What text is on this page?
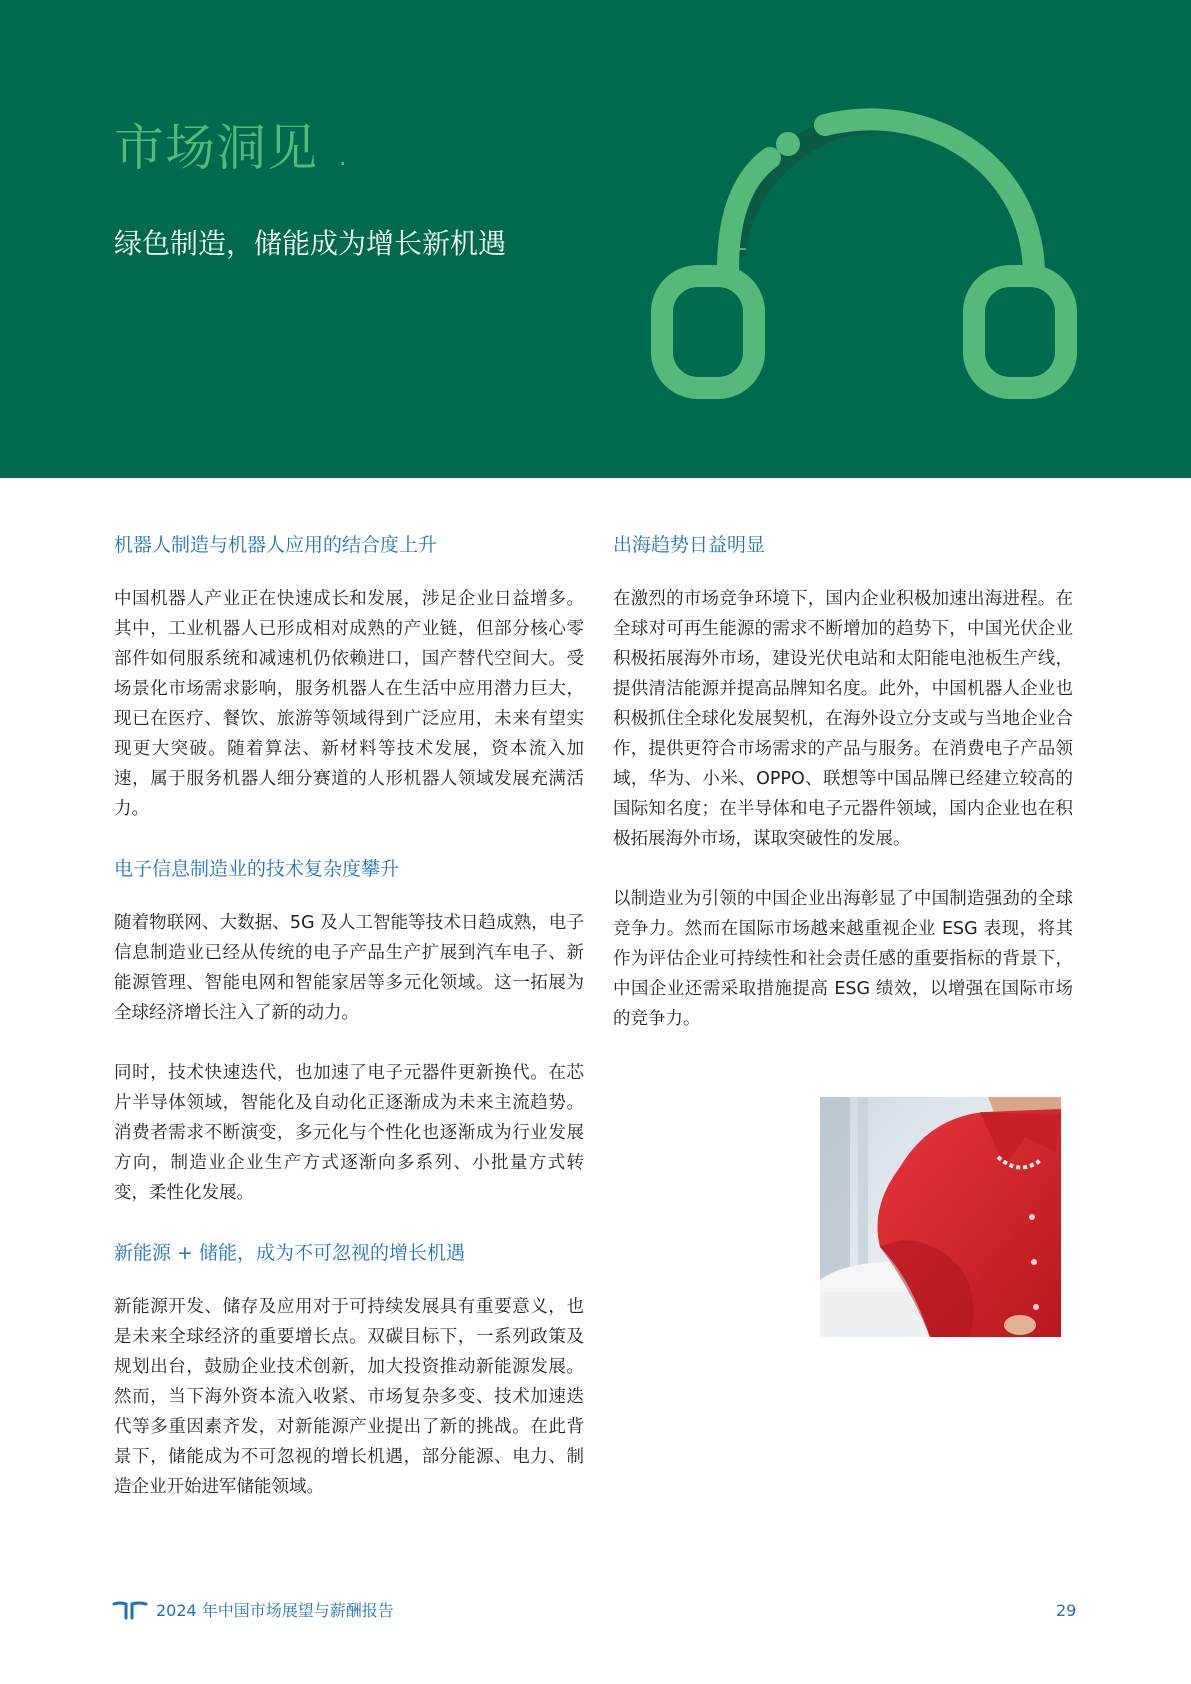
市场洞见 .
绿色制造，储能成为增长新机遇
机器人制造与机器人应用的结合度上升

中国机器人产业正在快速成长和发展，涉足企业日益增多。其中，工业机器人已形成相对成熟的产业链，但部分核心零部件如伺服系统和减速机仍依赖进口，国产替代空间大。受场景化市场需求影响，服务机器人在生活中应用潜力巨大，现已在医疗、餐饮、旅游等领域得到广泛应用，未来有望实现更大突破。随着算法、新材料等技术发展，资本流入加速，属于服务机器人细分赛道的人形机器人领域发展充满活力。

电子信息制造业的技术复杂度攀升

随着物联网、大数据、5G 及人工智能等技术日趋成熟，电子信息制造业已经从传统的电子产品生产扩展到汽车电子、新能源管理、智能电网和智能家居等多元化领域。这一拓展为全球经济增长注入了新的动力。

同时，技术快速迭代，也加速了电子元器件更新换代。在芯片半导体领域，智能化及自动化正逐渐成为未来主流趋势。消费者需求不断演变，多元化与个性化也逐渐成为行业发展方向，制造业企业生产方式逐渐向多系列、小批量方式转变，柔性化发展。

新能源 + 储能，成为不可忽视的增长机遇

新能源开发、储存及应用对于可持续发展具有重要意义，也是未来全球经济的重要增长点。双碳目标下，一系列政策及规划出台，鼓励企业技术创新，加大投资推动新能源发展。然而，当下海外资本流入收紧、市场复杂多变、技术加速迭代等多重因素齐发，对新能源产业提出了新的挑战。在此背景下，储能成为不可忽视的增长机遇，部分能源、电力、制造企业开始进军储能领域。

出海趋势日益明显

在激烈的市场竞争环境下，国内企业积极加速出海进程。在全球对可再生能源的需求不断增加的趋势下，中国光伏企业积极拓展海外市场，建设光伏电站和太阳能电池板生产线，提供清洁能源并提高品牌知名度。此外，中国机器人企业也积极抓住全球化发展契机，在海外设立分支或与当地企业合作，提供更符合市场需求的产品与服务。在消费电子产品领域，华为、小米、OPPO、联想等中国品牌已经建立较高的国际知名度；在半导体和电子元器件领域，国内企业也在积极拓展海外市场，谋取突破性的发展。

以制造业为引领的中国企业出海彰显了中国制造强劲的全球竞争力。然而在国际市场越来越重视企业 ESG 表现，将其作为评估企业可持续性和社会责任感的重要指标的背景下，中国企业还需采取措施提高 ESG 绩效，以增强在国际市场的竞争力。

2024 年中国市场展望与薪酬报告	29
